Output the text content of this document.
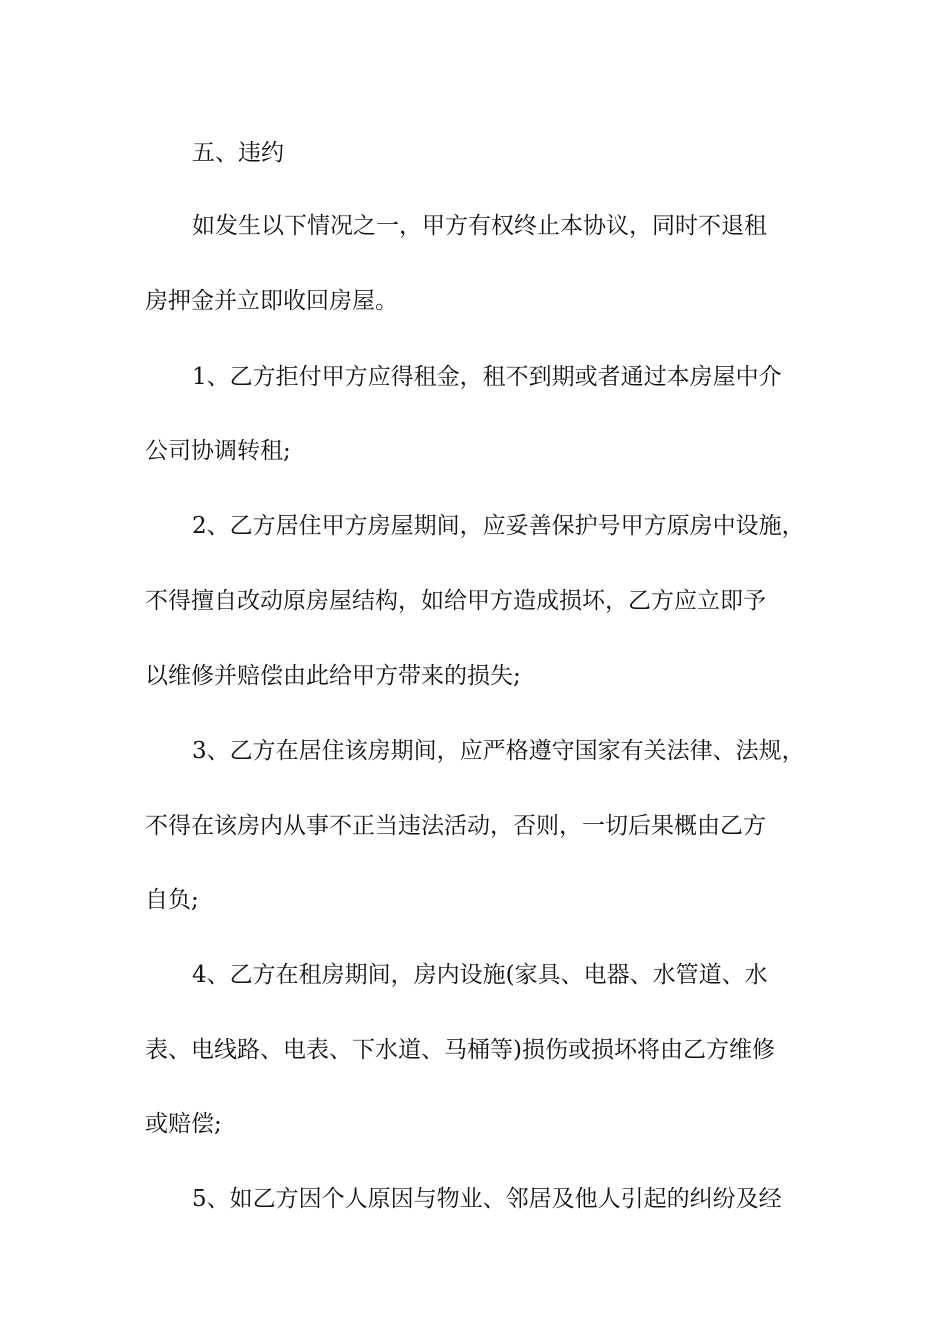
五、违约
如发生以下情况之一，甲方有权终止本协议，同时不退租
房押金并立即收回房屋。
1、乙方拒付甲方应得租金，租不到期或者通过本房屋中介
公司协调转租;
2、乙方居住甲方房屋期间，应妥善保护号甲方原房中设施，
不得擅自改动原房屋结构，如给甲方造成损坏，乙方应立即予
以维修并赔偿由此给甲方带来的损失;
3、乙方在居住该房期间，应严格遵守国家有关法律、法规，
不得在该房内从事不正当违法活动，否则，一切后果概由乙方
自负;
4、乙方在租房期间，房内设施(家具、电器、水管道、水
表、电线路、电表、下水道、马桶等)损伤或损坏将由乙方维修
或赔偿;
5、如乙方因个人原因与物业、邻居及他人引起的纠纷及经
